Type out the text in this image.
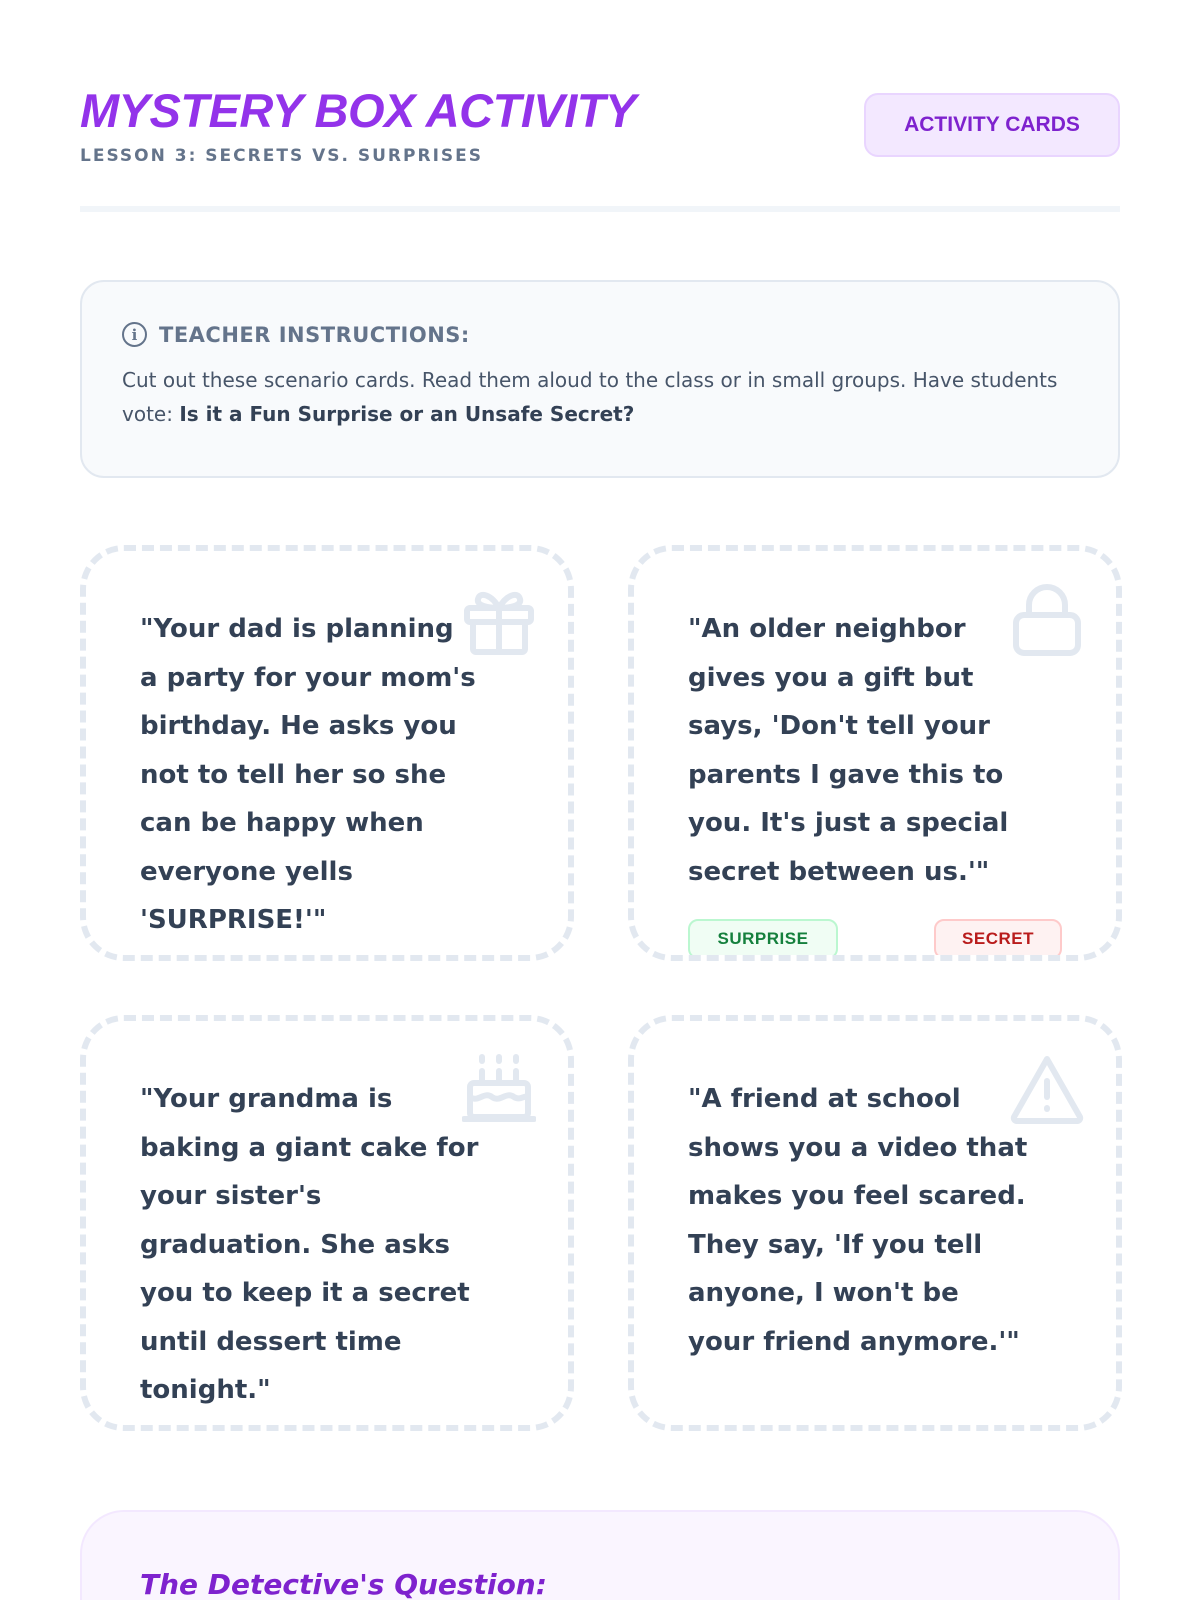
MYSTERY BOX ACTIVITY
LESSON 3: SECRETS VS. SURPRISES
ACTIVITY CARDS
i	TEACHER INSTRUCTIONS:

Cut out these scenario cards. Read them aloud to the class or in small groups. Have students vote: Is it a Fun Surprise or an Unsafe Secret?

"Your dad is planning a party for your mom's birthday. He asks you not to tell her so she can be happy when everyone yells 'SURPRISE!'"
"An older neighbor gives you a gift but says, 'Don't tell your parents I gave this to you. It's just a special secret between us.'"
SURPRISE	SECRET
"Your grandma is baking a giant cake for your sister's graduation. She asks you to keep it a secret until dessert time tonight."
"A friend at school shows you a video that makes you feel scared. They say, 'If you tell anyone, I won't be your friend anymore.'"
The Detective's Question:
